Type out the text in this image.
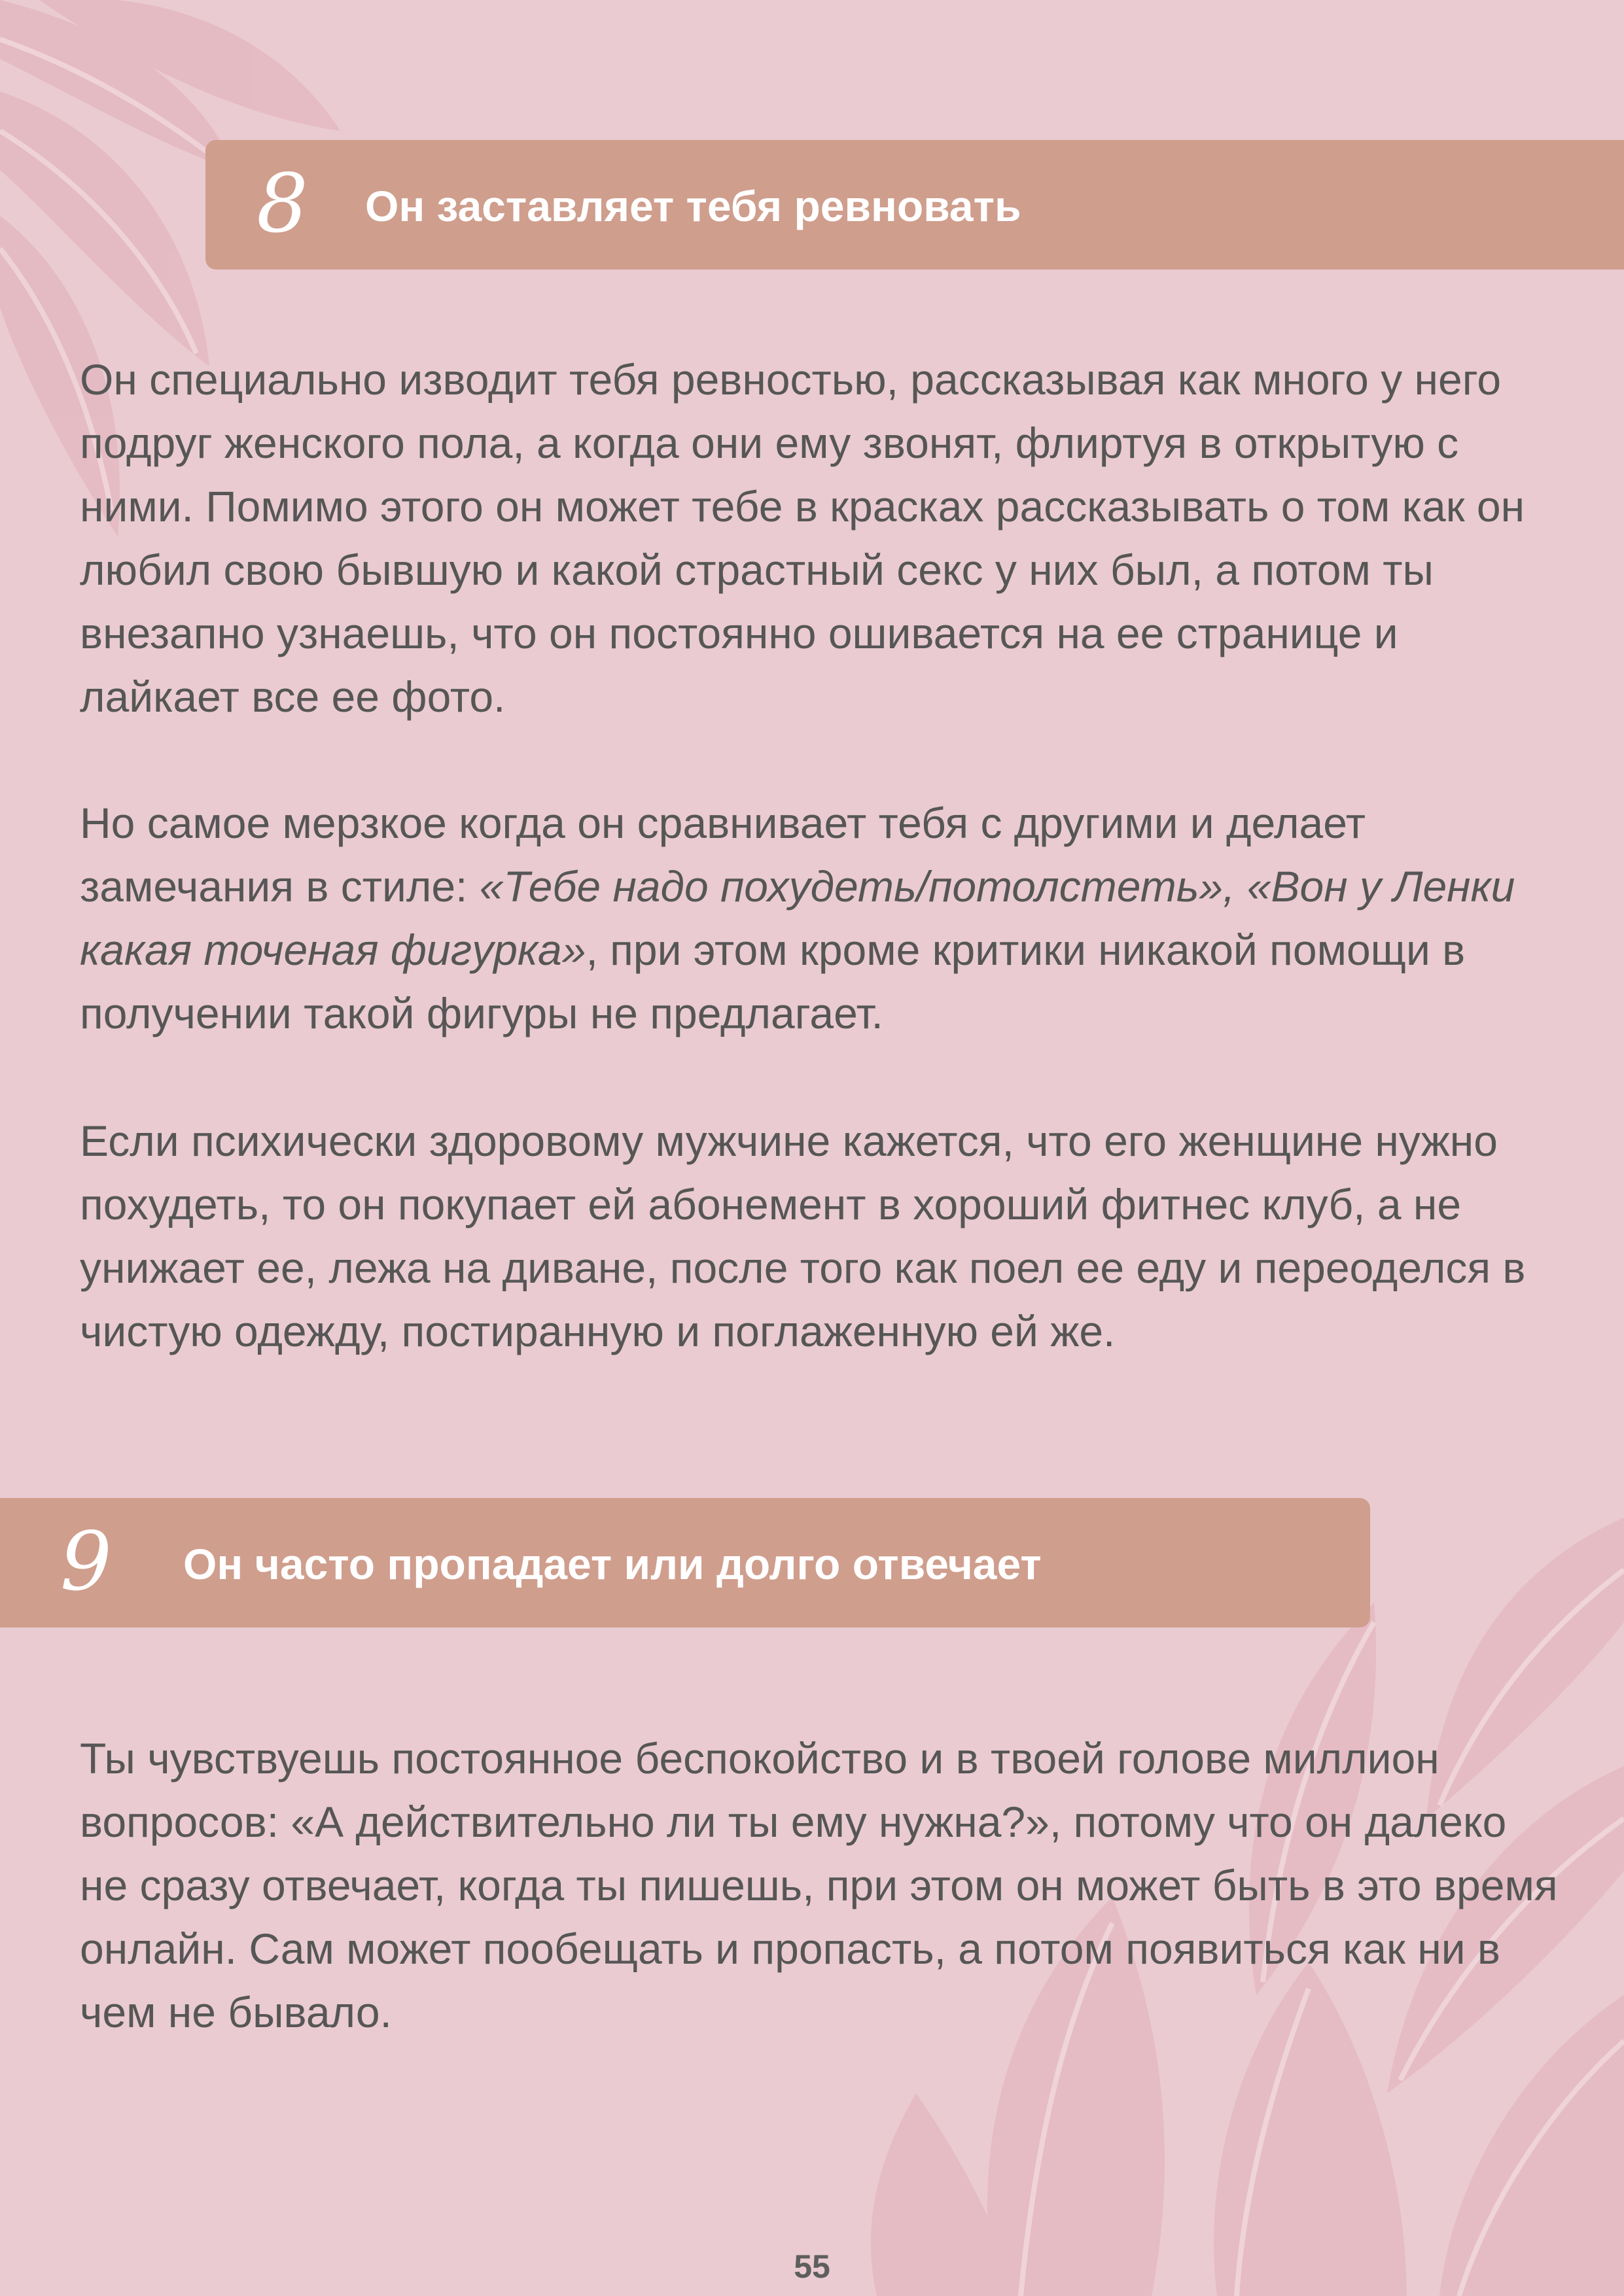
8 Он заставляет тебя ревновать

Он специально изводит тебя ревностью, рассказывая как много у него подруг женского пола, а когда они ему звонят, флиртуя в открытую с ними. Помимо этого он может тебе в красках рассказывать о том как он любил свою бывшую и какой страстный секс у них был, а потом ты внезапно узнаешь, что он постоянно ошивается на ее странице и лайкает все ее фото.

Но самое мерзкое когда он сравнивает тебя с другими и делает замечания в стиле: «Тебе надо похудеть/потолстеть», «Вон у Ленки какая точеная фигурка», при этом кроме критики никакой помощи в получении такой фигуры не предлагает.

Если психически здоровому мужчине кажется, что его женщине нужно похудеть, то он покупает ей абонемент в хороший фитнес клуб, а не унижает ее, лежа на диване, после того как поел ее еду и переоделся в чистую одежду, постиранную и поглаженную ей же.

9 Он часто пропадает или долго отвечает

Ты чувствуешь постоянное беспокойство и в твоей голове миллион вопросов: «А действительно ли ты ему нужна?», потому что он далеко не сразу отвечает, когда ты пишешь, при этом он может быть в это время онлайн. Сам может пообещать и пропасть, а потом появиться как ни в чем не бывало.

55
